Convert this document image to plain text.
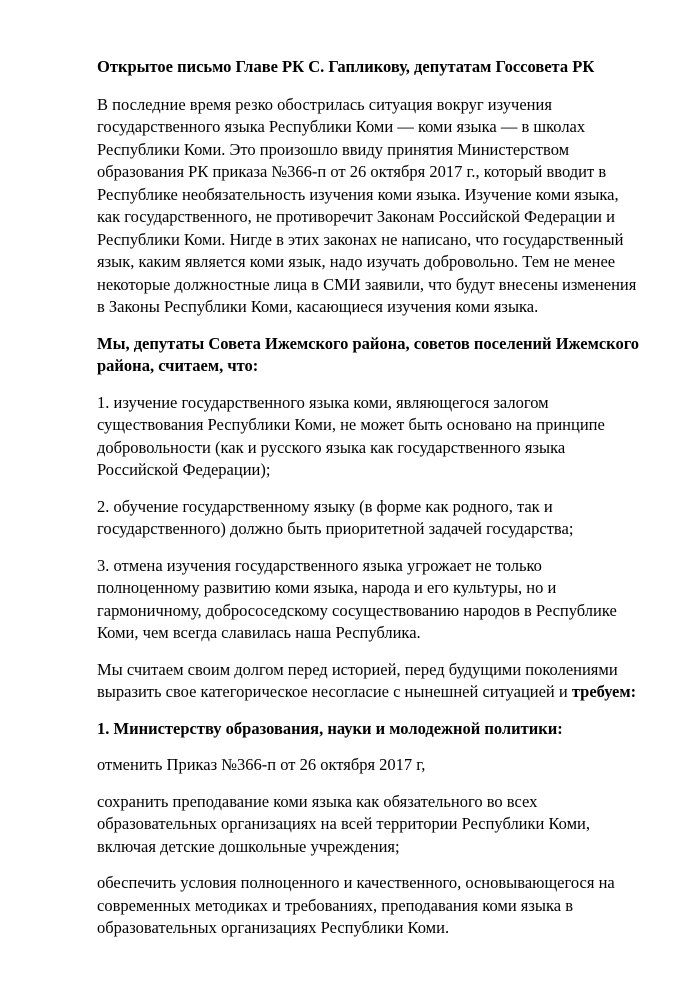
Открытое письмо Главе РК С. Гапликову, депутатам Госсовета РК

В последние время резко обострилась ситуация вокруг изучения государственного языка Республики Коми — коми языка — в школах Республики Коми. Это произошло ввиду принятия Министерством образования РК приказа №366-п от 26 октября 2017 г., который вводит в Республике необязательность изучения коми языка. Изучение коми языка, как государственного, не противоречит Законам Российской Федерации и Республики Коми. Нигде в этих законах не написано, что государственный язык, каким является коми язык, надо изучать добровольно. Тем не менее некоторые должностные лица в СМИ заявили, что будут внесены изменения в Законы Республики Коми, касающиеся изучения коми языка.

Мы, депутаты Совета Ижемского района, советов поселений Ижемского района, считаем, что:

1. изучение государственного языка коми, являющегося залогом существования Республики Коми, не может быть основано на принципе добровольности (как и русского языка как государственного языка Российской Федерации);

2. обучение государственному языку (в форме как родного, так и государственного) должно быть приоритетной задачей государства;

3. отмена изучения государственного языка угрожает не только полноценному развитию коми языка, народа и его культуры, но и гармоничному, добрососедскому сосуществованию народов в Республике Коми, чем всегда славилась наша Республика.

Мы считаем своим долгом перед историей, перед будущими поколениями выразить свое категорическое несогласие с нынешней ситуацией и требуем:

1. Министерству образования, науки и молодежной политики:

отменить Приказ №366-п от 26 октября 2017 г,

сохранить преподавание коми языка как обязательного во всех образовательных организациях на всей территории Республики Коми, включая детские дошкольные учреждения;

обеспечить условия полноценного и качественного, основывающегося на современных методиках и требованиях, преподавания коми языка в образовательных организациях Республики Коми.
